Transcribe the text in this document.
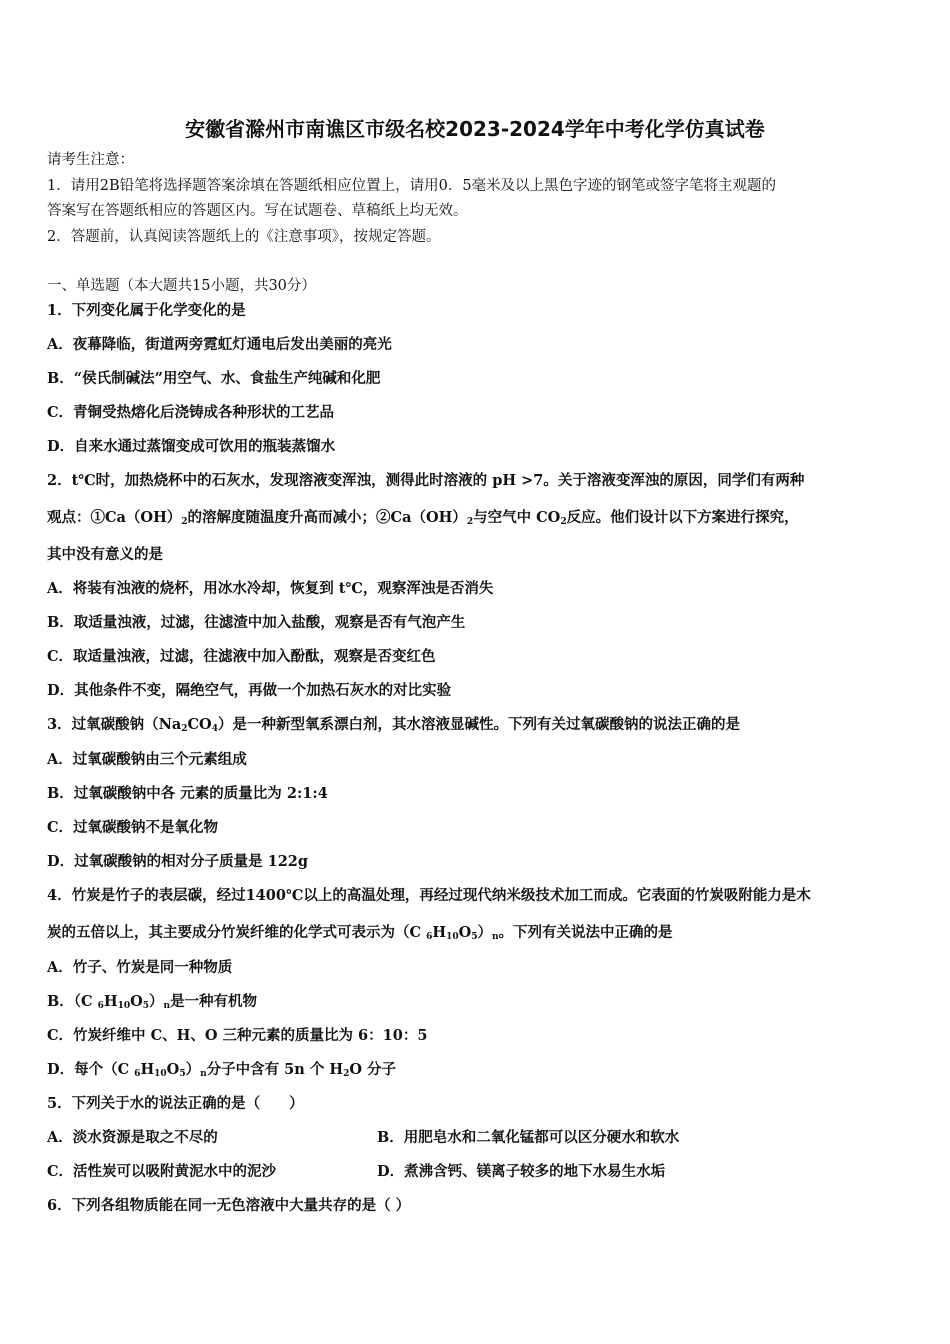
安徽省滁州市南谯区市级名校2023-2024学年中考化学仿真试卷
请考生注意：
1．请用2B铅笔将选择题答案涂填在答题纸相应位置上，请用0．5毫米及以上黑色字迹的钢笔或签字笔将主观题的
答案写在答题纸相应的答题区内。写在试题卷、草稿纸上均无效。
2．答题前，认真阅读答题纸上的《注意事项》，按规定答题。
一、单选题（本大题共15小题，共30分）
1．下列变化属于化学变化的是
A．夜幕降临，街道两旁霓虹灯通电后发出美丽的亮光
B．“侯氏制碱法”用空气、水、食盐生产纯碱和化肥
C．青铜受热熔化后浇铸成各种形状的工艺品
D．自来水通过蒸馏变成可饮用的瓶装蒸馏水
2．t℃时，加热烧杯中的石灰水，发现溶液变浑浊，测得此时溶液的 pH >7。关于溶液变浑浊的原因，同学们有两种
观点：$①Ca(OH)_2$的溶解度随温度升高而减小；$②Ca(OH)_2$与空气中 $CO_2$反应。他们设计以下方案进行探究，
其中没有意义的是
A．将装有浊液的烧杯，用冰水冷却，恢复到 t℃，观察浑浊是否消失
B．取适量浊液，过滤，往滤渣中加入盐酸，观察是否有气泡产生
C．取适量浊液，过滤，往滤液中加入酚酞，观察是否变红色
D．其他条件不变，隔绝空气，再做一个加热石灰水的对比实验
3．过氧碳酸钠$(Na_2CO_4)$是一种新型氧系漂白剂，其水溶液显碱性。下列有关过氧碳酸钠的说法正确的是
A．过氧碳酸钠由三个元素组成
B．过氧碳酸钠中各 元素的质量比为 2:1:4
C．过氧碳酸钠不是氧化物
D．过氧碳酸钠的相对分子质量是 122g
4．竹炭是竹子的表层碳，经过1400℃以上的高温处理，再经过现代纳米级技术加工而成。它表面的竹炭吸附能力是木
炭的五倍以上，其主要成分竹炭纤维的化学式可表示为（C $_6H_{10}O_5)_n$。下列有关说法中正确的是
A．竹子、竹炭是同一种物质
B．（C $_6H_{10}O_5)_n$是一种有机物
C．竹炭纤维中 C、H、O 三种元素的质量比为 6：10：5
D．每个（C $_6H_{10}O_5)_n$分子中含有 5n 个 $H_2O$ 分子
5．下列关于水的说法正确的是（　　）
A．淡水资源是取之不尽的	B．用肥皂水和二氧化锰都可以区分硬水和软水
C．活性炭可以吸附黄泥水中的泥沙	D．煮沸含钙、镁离子较多的地下水易生水垢
6．下列各组物质能在同一无色溶液中大量共存的是（ ）
